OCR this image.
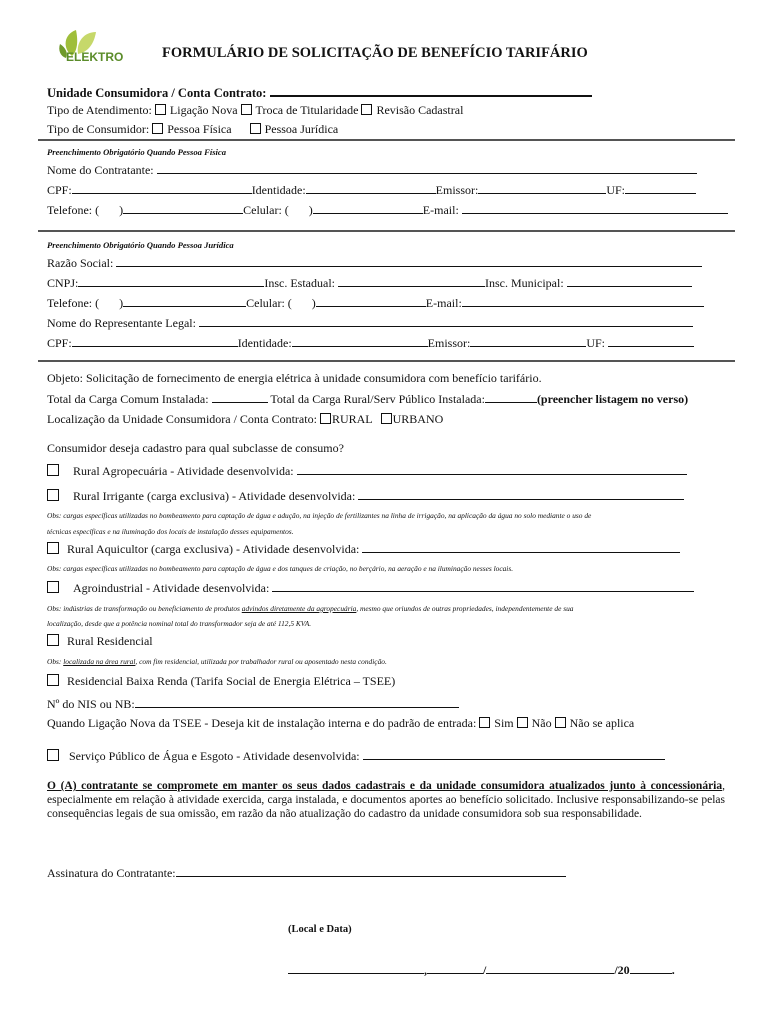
ELEKTRO	FORMULÁRIO DE SOLICITAÇÃO DE BENEFÍCIO TARIFÁRIO
Unidade Consumidora / Conta Contrato:
Tipo de Atendimento: Ligação Nova Troca de Titularidade Revisão Cadastral
Tipo de Consumidor: Pessoa Física	Pessoa Jurídica
Preenchimento Obrigatório Quando Pessoa Física
Nome do Contratante:
CPF:	Identidade:	Emissor:	UF:
Telefone: ( )	Celular: ( )	E-mail:
Preenchimento Obrigatório Quando Pessoa Jurídica
Razão Social:
CNPJ:	Insc. Estadual:	Insc. Municipal:
Telefone: ( )	Celular: ( )	E-mail:
Nome do Representante Legal:
CPF:	Identidade:	Emissor:	UF:
Objeto: Solicitação de fornecimento de energia elétrica à unidade consumidora com benefício tarifário.
Total da Carga Comum Instalada:	Total da Carga Rural/Serv Público Instalada:	(preencher listagem no verso)
Localização da Unidade Consumidora / Conta Contrato: RURAL URBANO
Consumidor deseja cadastro para qual subclasse de consumo?
Rural Agropecuária - Atividade desenvolvida:
Rural Irrigante (carga exclusiva) - Atividade desenvolvida:
Obs: cargas específicas utilizadas no bombeamento para captação de água e adução, na injeção de fertilizantes na linha de irrigação, na aplicação da água no solo mediante o uso de
técnicas específicas e na iluminação dos locais de instalação desses equipamentos.
Rural Aquicultor (carga exclusiva) - Atividade desenvolvida:
Obs: cargas específicas utilizadas no bombeamento para captação de água e dos tanques de criação, no berçário, na aeração e na iluminação nesses locais.
Agroindustrial - Atividade desenvolvida:
Obs: indústrias de transformação ou beneficiamento de produtos advindos diretamente da agropecuária, mesmo que oriundos de outras propriedades, independentemente de sua
localização, desde que a potência nominal total do transformador seja de até 112,5 KVA.
Rural Residencial
Obs: localizada na área rural, com fim residencial, utilizada por trabalhador rural ou aposentado nesta condição.
Residencial Baixa Renda (Tarifa Social de Energia Elétrica – TSEE)
Nº do NIS ou NB:
Quando Ligação Nova da TSEE - Deseja kit de instalação interna e do padrão de entrada: Sim Não Não se aplica
Serviço Público de Água e Esgoto - Atividade desenvolvida:
O (A) contratante se compromete em manter os seus dados cadastrais e da unidade consumidora atualizados junto à concessionária, especialmente em relação à atividade exercida, carga instalada, e documentos aportes ao benefício solicitado. Inclusive responsabilizando-se pelas consequências legais de sua omissão, em razão da não atualização do cadastro da unidade consumidora sob sua responsabilidade.
Assinatura do Contratante:
(Local e Data)
,	/	/20	.
